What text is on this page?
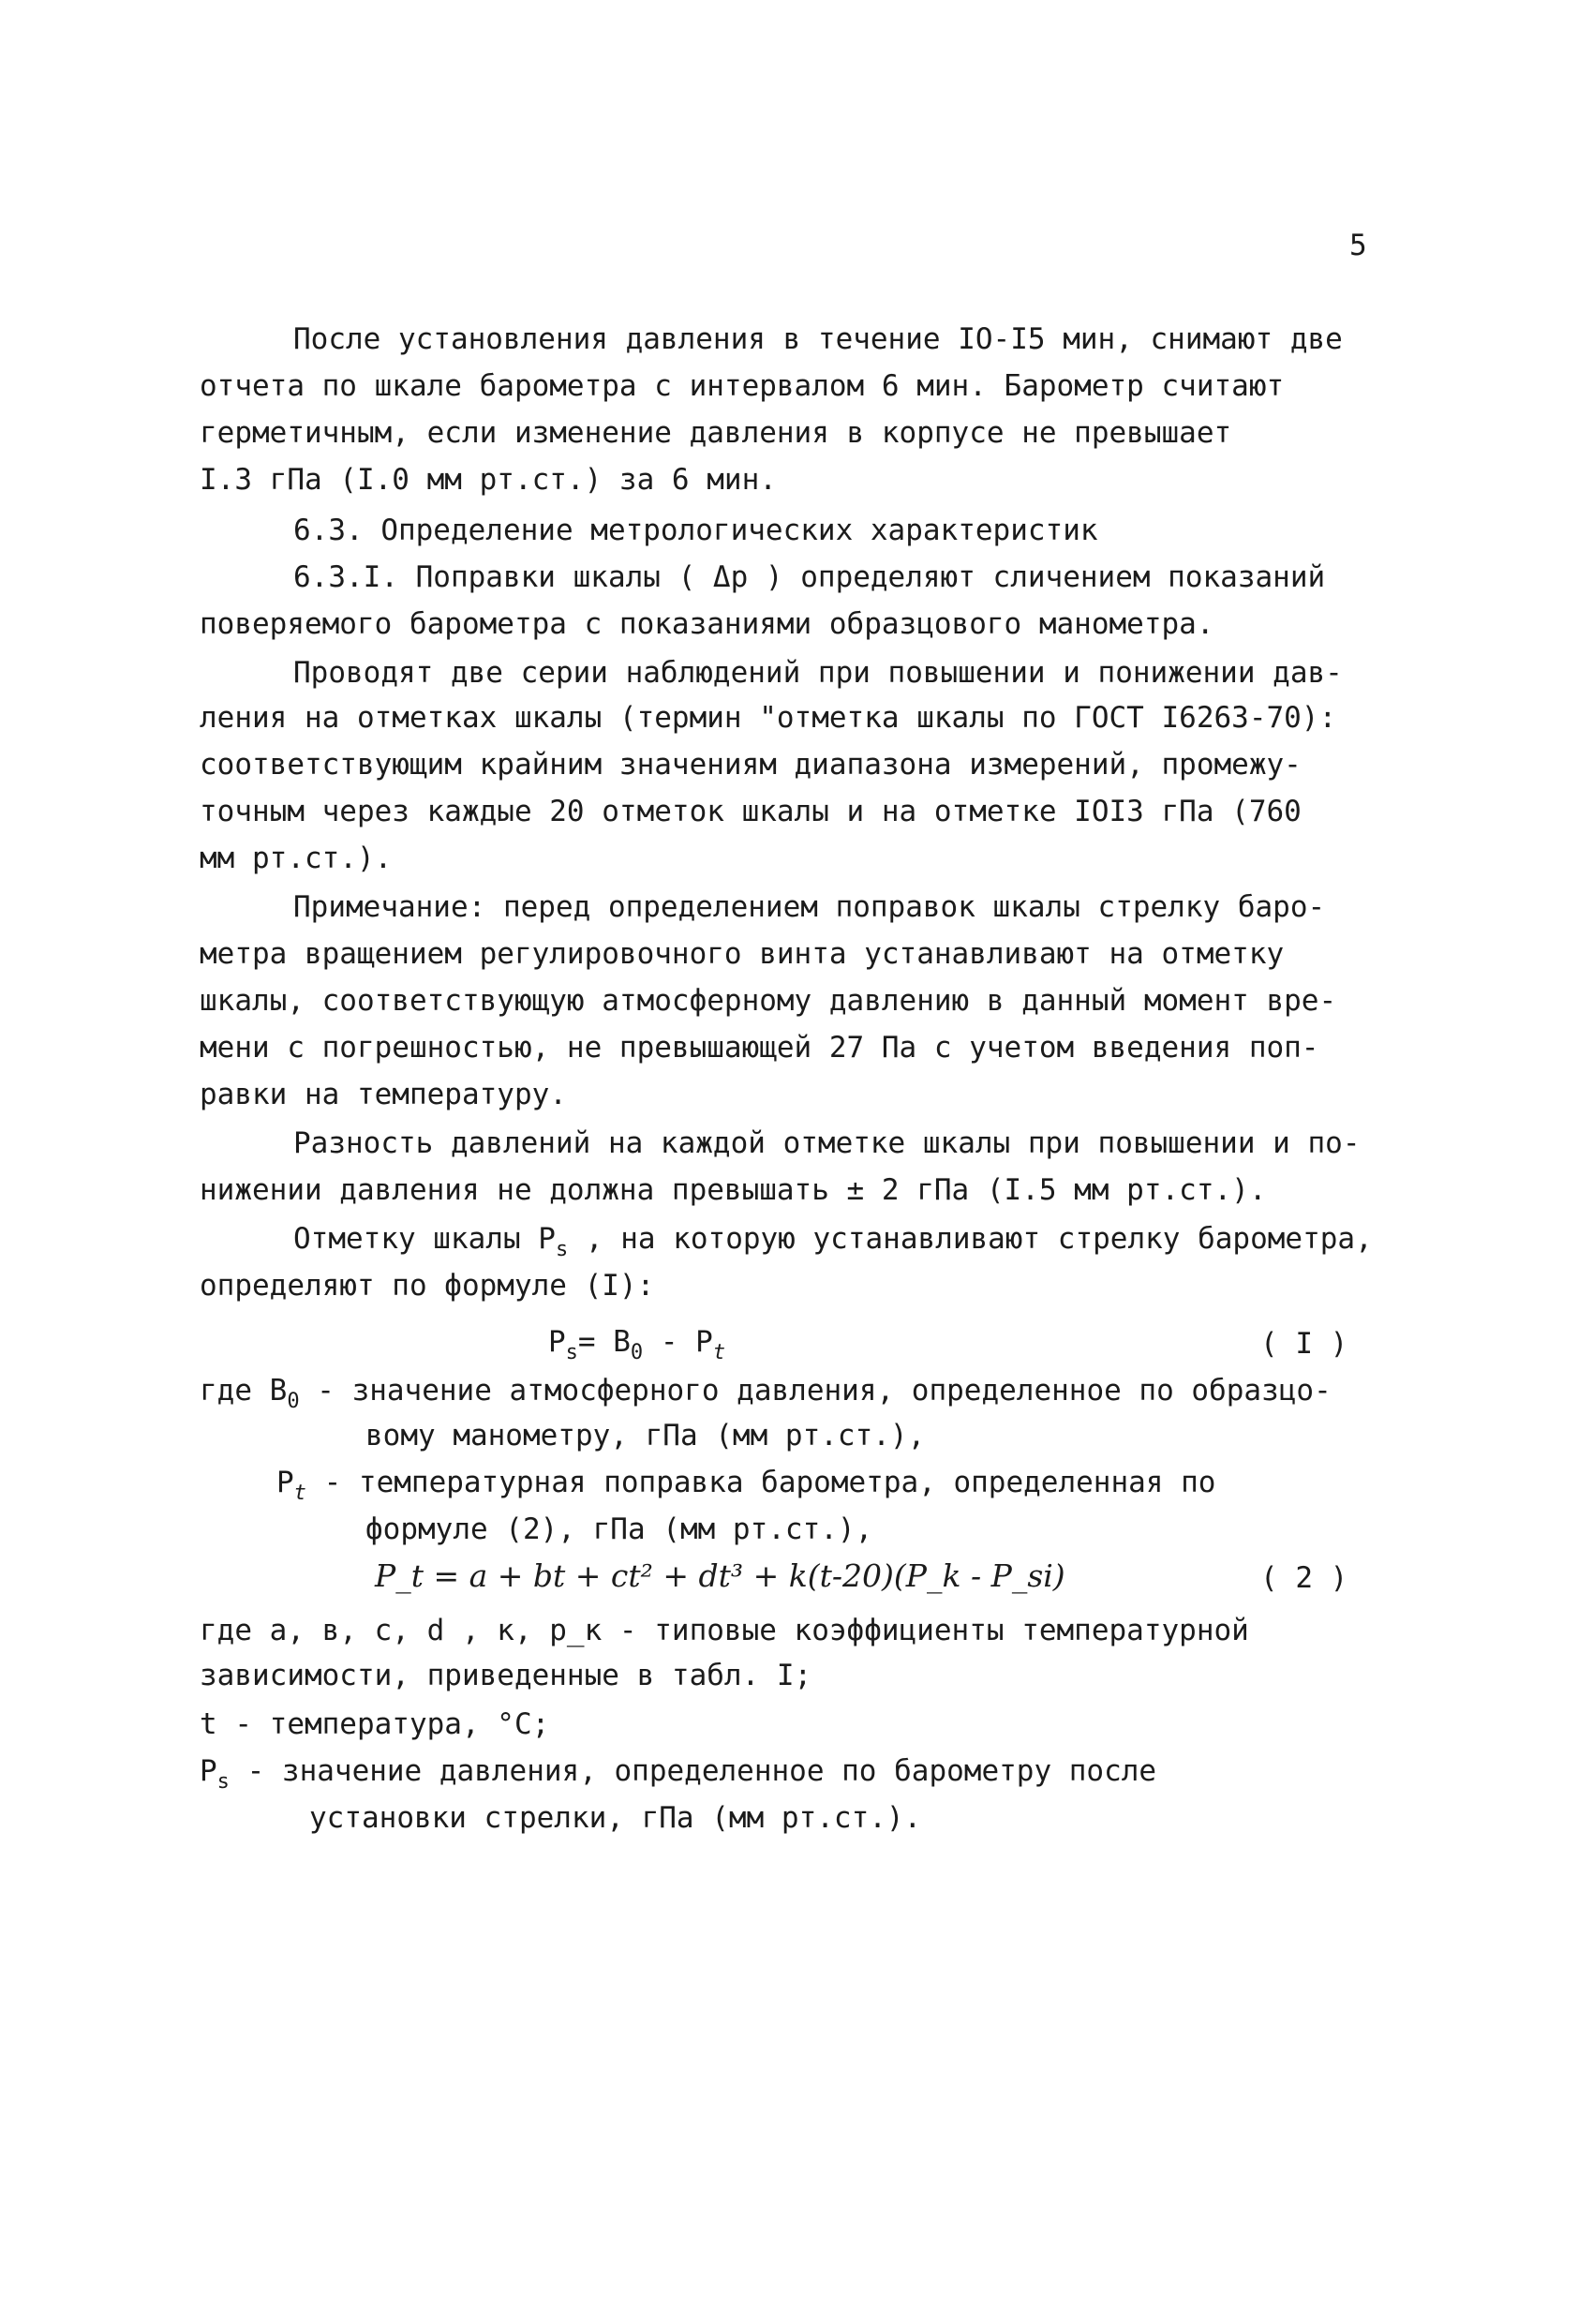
5
После установления давления в течение IO-I5 мин, снимают две
отчета по шкале барометра с интервалом 6 мин. Барометр считают
герметичным, если изменение давления в корпусе не превышает
I.3 гПа (I.0 мм рт.ст.) за 6 мин.
6.3. Определение метрологических характеристик
6.3.I. Поправки шкалы ( Δp ) определяют сличением показаний
поверяемого барометра с показаниями образцового манометра.
Проводят две серии наблюдений при повышении и понижении дав-
ления на отметках шкалы (термин "отметка шкалы по ГОСТ I6263-70):
соответствующим крайним значениям диапазона измерений, промежу-
точным через каждые 20 отметок шкалы и на отметке IOI3 гПа (760
мм рт.ст.).
Примечание: перед определением поправок шкалы стрелку баро-
метра вращением регулировочного винта устанавливают на отметку
шкалы, соответствующую атмосферному давлению в данный момент вре-
мени с погрешностью, не превышающей 27 Па с учетом введения поп-
равки на температуру.
Разность давлений на каждой отметке шкалы при повышении и по-
нижении давления не должна превышать ± 2 гПа (I.5 мм рт.ст.).
Отметку шкалы $P_s$ , на которую устанавливают стрелку барометра,
определяют по формуле (I):
$P_s= B_0 - P_t$	( I )
где $B_0$ - значение атмосферного давления, определенное по образцо-
вому манометру, гПа (мм рт.ст.),
$P_t$ - температурная поправка барометра, определенная по
формуле (2), гПа (мм рт.ст.),
P_t = a + bt + ct² + dt³ + k(t-20)(P_k - P_si)	( 2 )
где a, в, c, d , к, p_к - типовые коэффициенты температурной
зависимости, приведенные в табл. I;
t - температура, °C;
$P_s$ - значение давления, определенное по барометру после
установки стрелки, гПа (мм рт.ст.).
